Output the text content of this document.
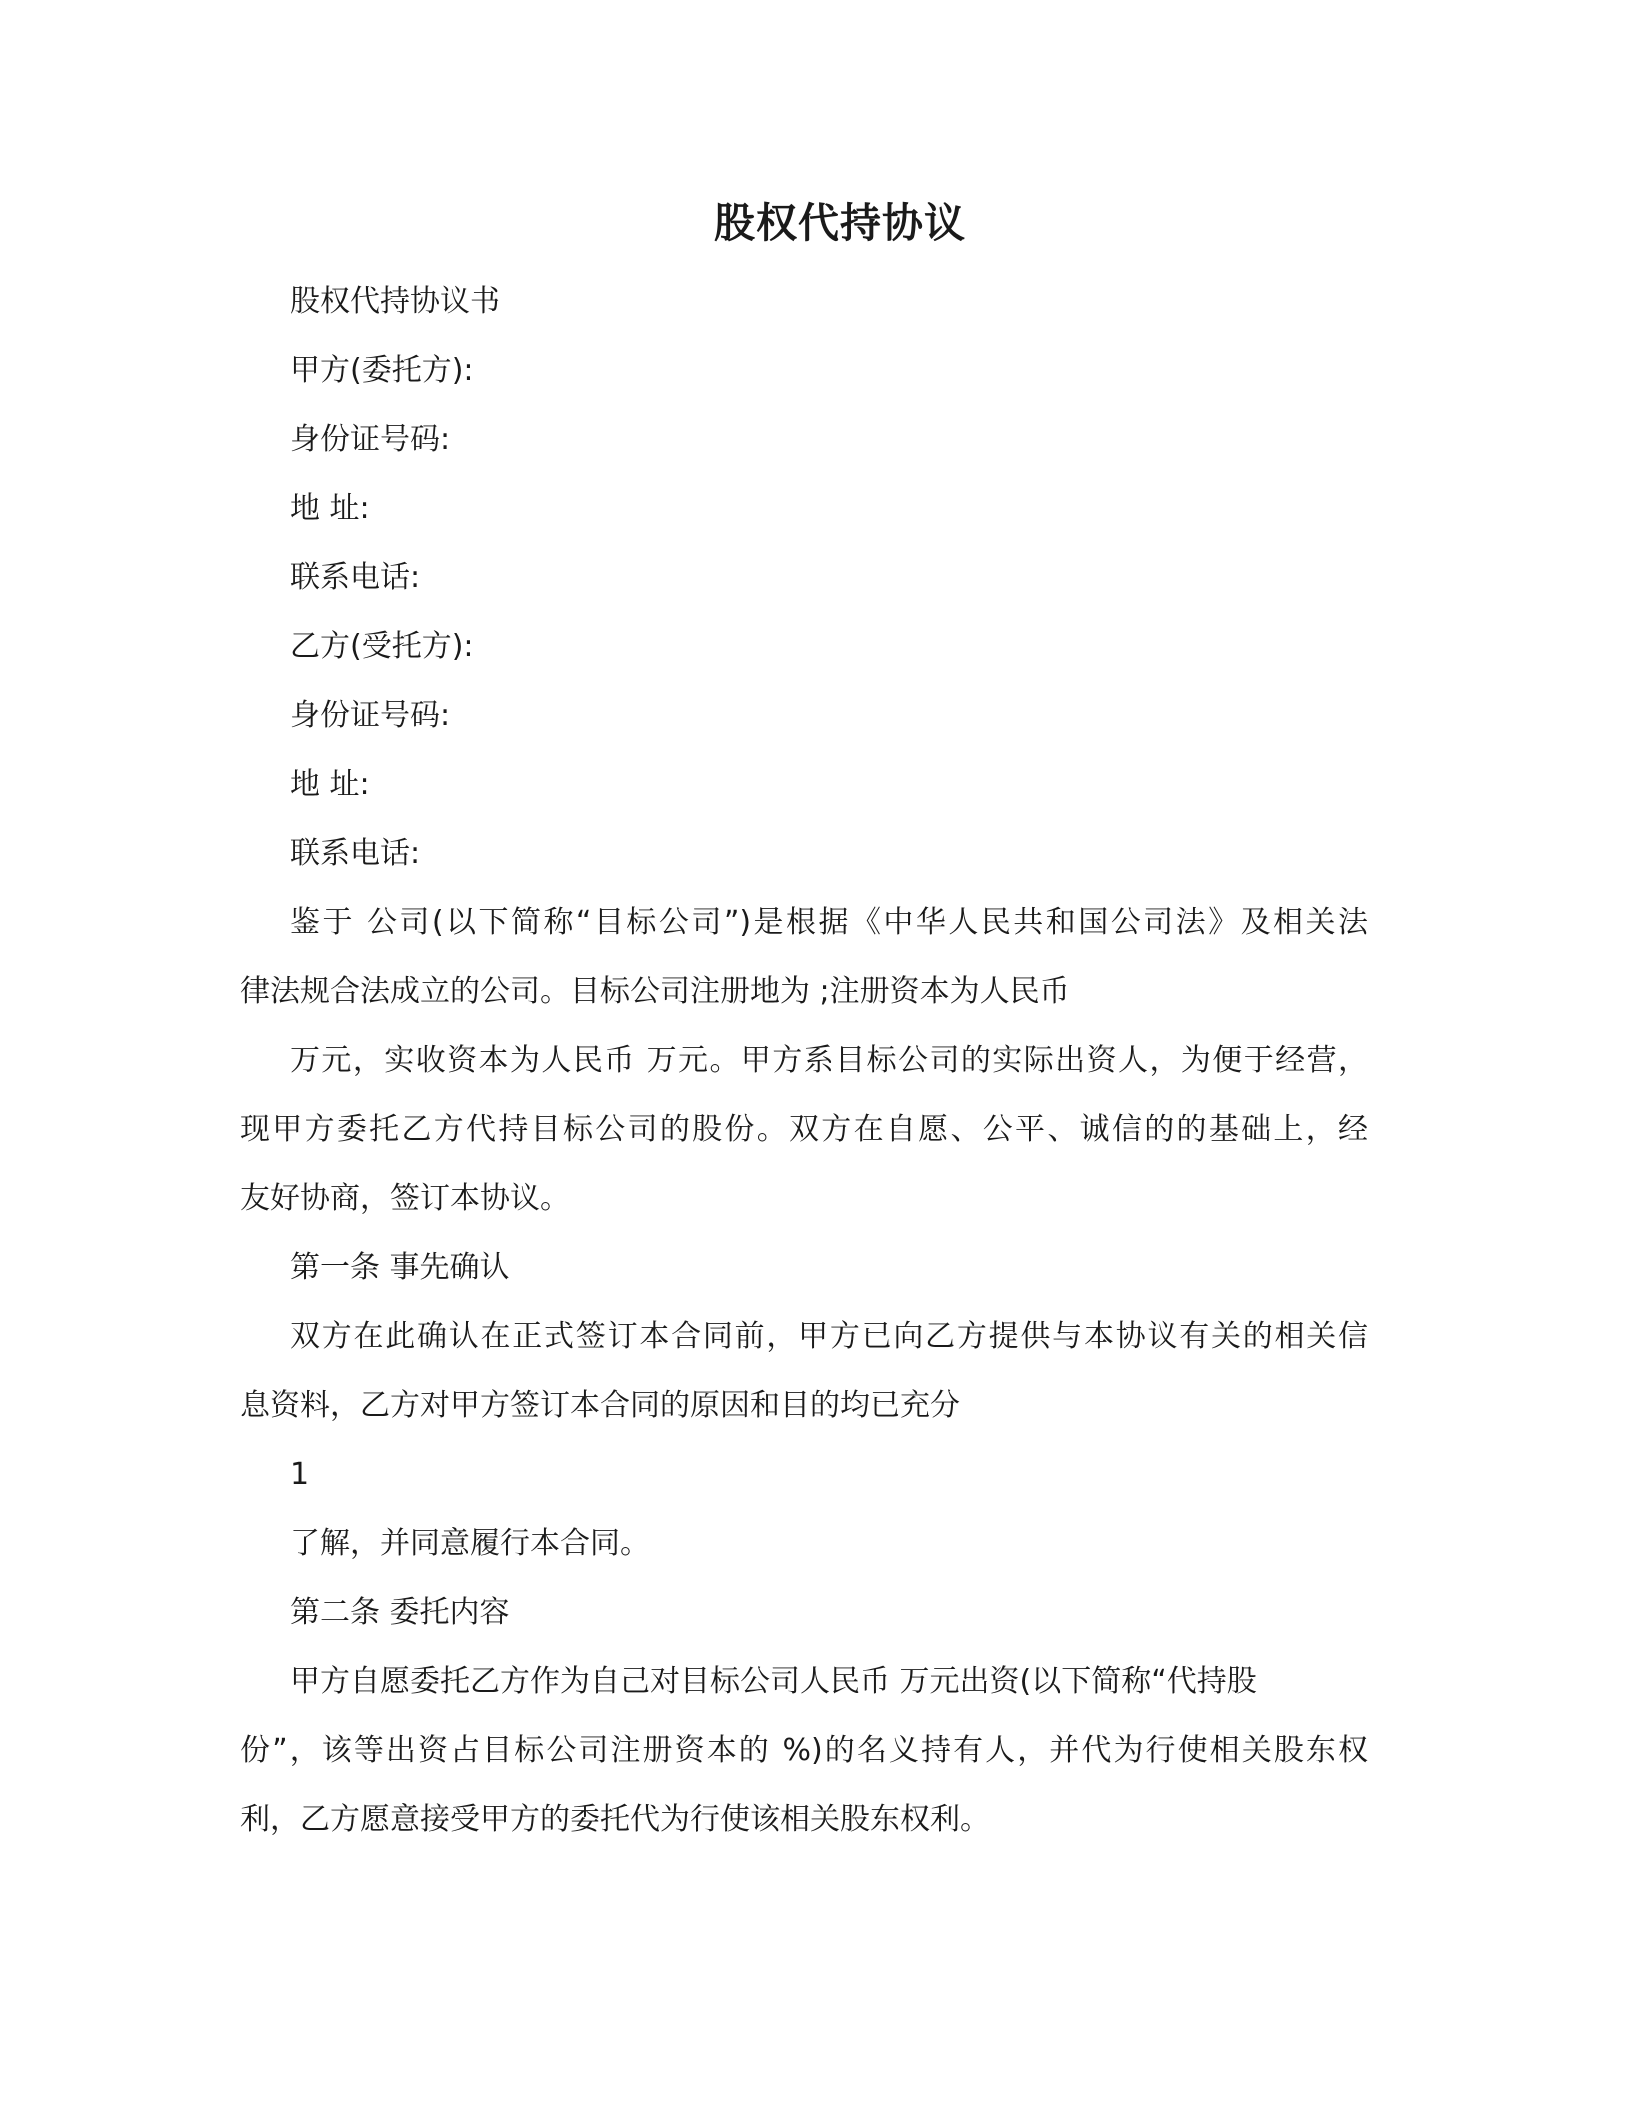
股权代持协议
股权代持协议书
甲方(委托方):
身份证号码:
地 址:
联系电话:
乙方(受托方):
身份证号码:
地 址:
联系电话:
鉴于 公司(以下简称“目标公司”)是根据《中华人民共和国公司法》及相关法
律法规合法成立的公司。目标公司注册地为 ;注册资本为人民币
万元，实收资本为人民币 万元。甲方系目标公司的实际出资人，为便于经营，
现甲方委托乙方代持目标公司的股份。双方在自愿、公平、诚信的的基础上，经
友好协商，签订本协议。
第一条 事先确认
双方在此确认在正式签订本合同前，甲方已向乙方提供与本协议有关的相关信
息资料，乙方对甲方签订本合同的原因和目的均已充分
1
了解，并同意履行本合同。
第二条 委托内容
甲方自愿委托乙方作为自己对目标公司人民币 万元出资(以下简称“代持股
份”，该等出资占目标公司注册资本的 %)的名义持有人，并代为行使相关股东权
利，乙方愿意接受甲方的委托代为行使该相关股东权利。
